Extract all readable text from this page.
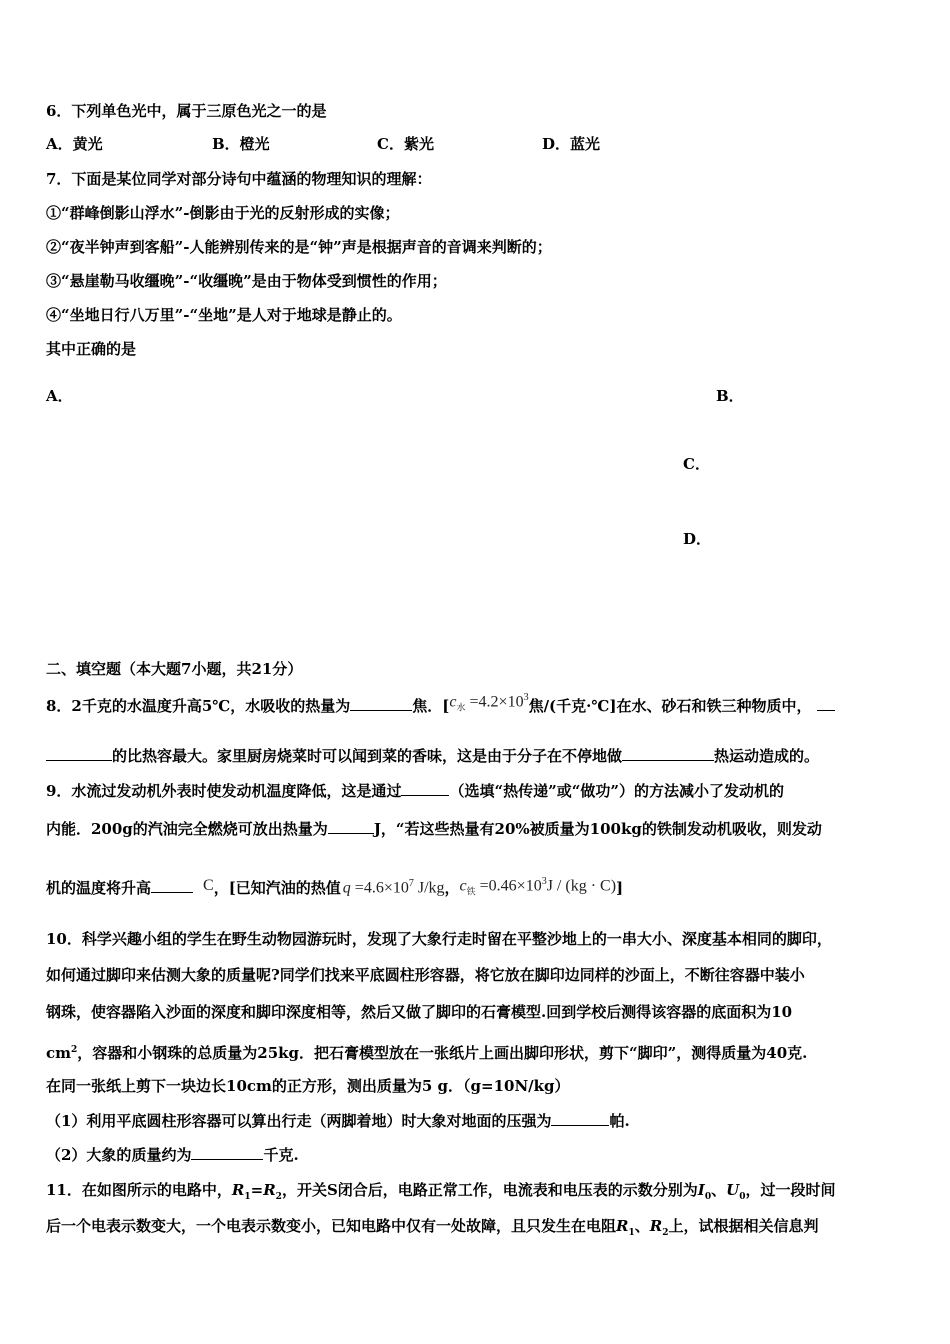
6．下列单色光中，属于三原色光之一的是
A．黄光	B．橙光	C．紫光	D．蓝光
7．下面是某位同学对部分诗句中蕴涵的物理知识的理解：
①“群峰倒影山浮水”-倒影由于光的反射形成的实像；
②“夜半钟声到客船”-人能辨别传来的是“钟”声是根据声音的音调来判断的；
③“悬崖勒马收缰晚”-“收缰晚”是由于物体受到惯性的作用；
④“坐地日行八万里”-“坐地”是人对于地球是静止的。
其中正确的是
A．	B．
C．
D．
二、填空题（本大题7小题，共21分）
8．2千克的水温度升高5℃，水吸收的热量为	焦．[$c_水 =4.2\times 10^3$焦/(千克·℃]在水、砂石和铁三种物质中，
的比热容最大。家里厨房烧菜时可以闻到菜的香味，这是由于分子在不停地做	热运动造成的。
9．水流过发动机外表时使发动机温度降低，这是通过	（选填“热传递”或“做功”）的方法减小了发动机的
内能．200g的汽油完全燃烧可放出热量为	J，“若这些热量有20%被质量为100kg的铁制发动机吸收，则发动
机的温度将升高	C，[已知汽油的热值 $q =4.6\times 10^7$ J/kg，$c_铁 =0.46\times 10^3J / (kg \cdot C)$]
10．科学兴趣小组的学生在野生动物园游玩时，发现了大象行走时留在平整沙地上的一串大小、深度基本相同的脚印，
如何通过脚印来估测大象的质量呢?同学们找来平底圆柱形容器，将它放在脚印边同样的沙面上，不断往容器中装小
钢珠，使容器陷入沙面的深度和脚印深度相等，然后又做了脚印的石膏模型.回到学校后测得该容器的底面积为10
$cm^2$，容器和小钢珠的总质量为25kg．把石膏模型放在一张纸片上画出脚印形状，剪下“脚印”，测得质量为40克.
在同一张纸上剪下一块边长10cm的正方形，测出质量为5 g．（g=10N/kg）
（1）利用平底圆柱形容器可以算出行走（两脚着地）时大象对地面的压强为	帕.
（2）大象的质量约为	千克.
11．在如图所示的电路中，$R_1=R_2$，开关S闭合后，电路正常工作，电流表和电压表的示数分别为$I_0$、$U_0$，过一段时间
后一个电表示数变大，一个电表示数变小，已知电路中仅有一处故障，且只发生在电阻$R_1$、$R_2$上，试根据相关信息判
